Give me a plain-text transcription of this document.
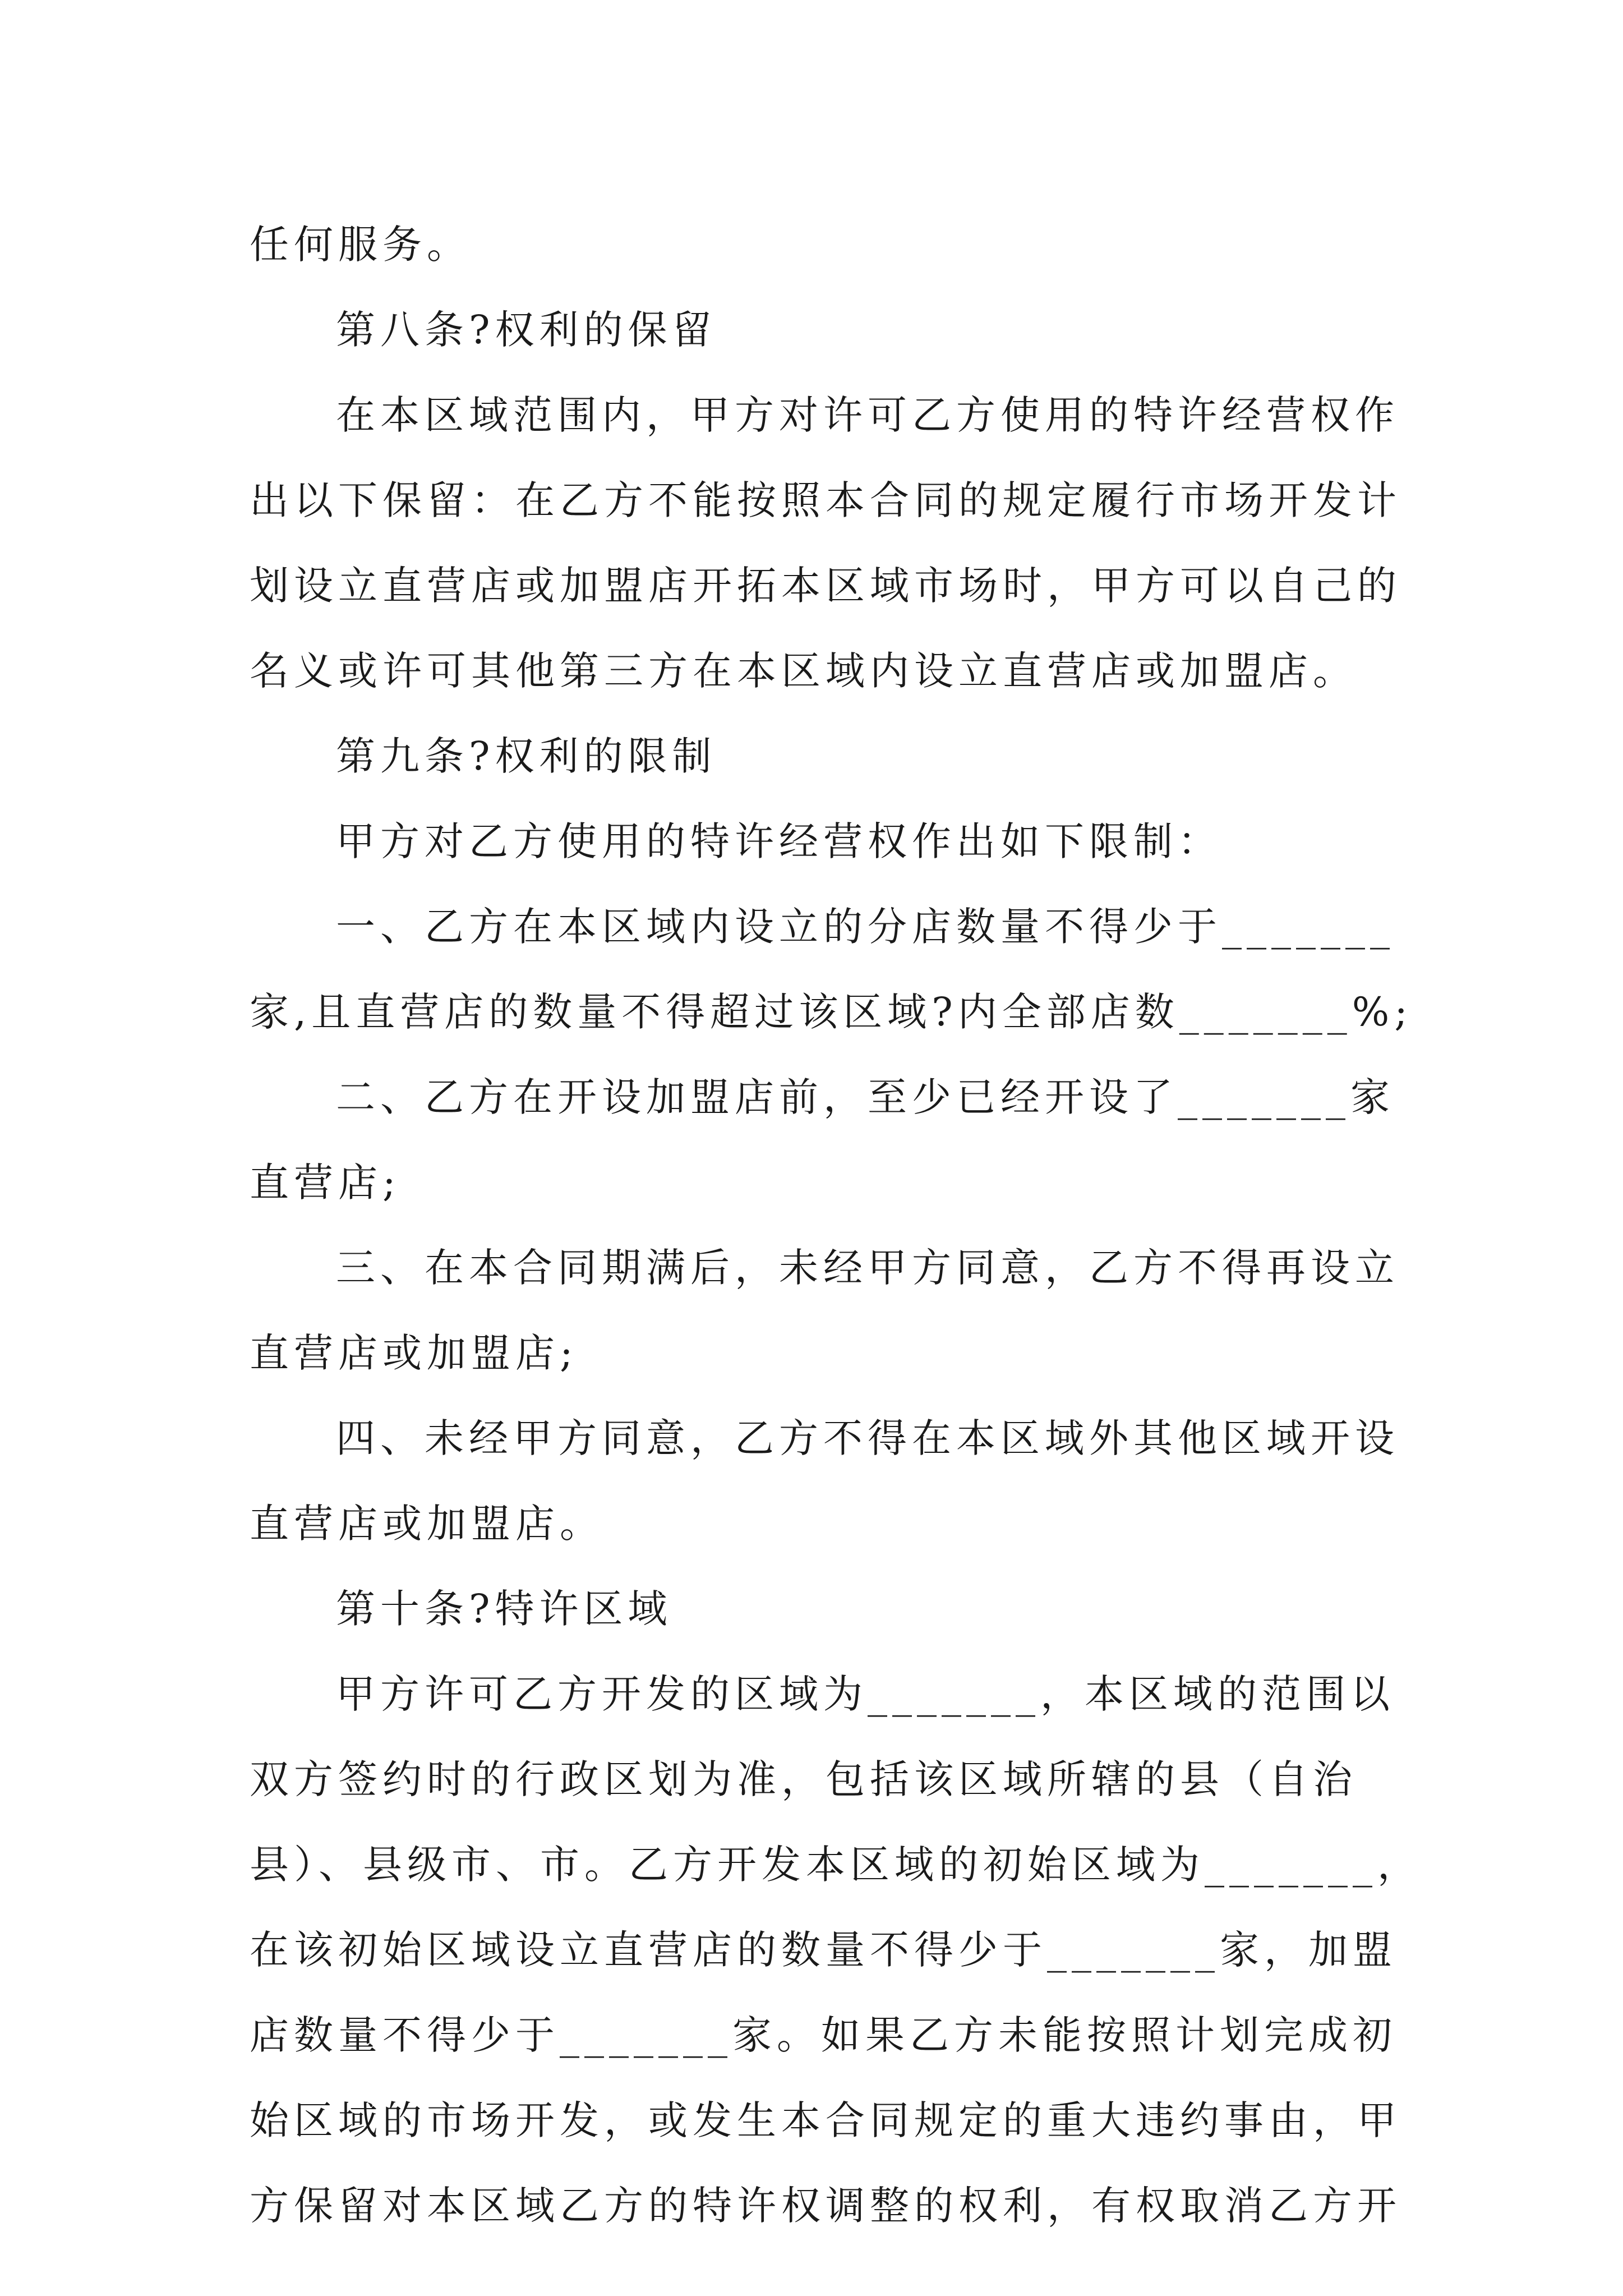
任何服务。

第八条?权利的保留

在本区域范围内，甲方对许可乙方使用的特许经营权作

出以下保留：在乙方不能按照本合同的规定履行市场开发计

划设立直营店或加盟店开拓本区域市场时，甲方可以自己的

名义或许可其他第三方在本区域内设立直营店或加盟店。

第九条?权利的限制

甲方对乙方使用的特许经营权作出如下限制：

一、乙方在本区域内设立的分店数量不得少于_______

家,且直营店的数量不得超过该区域?内全部店数_______%;

二、乙方在开设加盟店前，至少已经开设了_______家

直营店;

三、在本合同期满后，未经甲方同意，乙方不得再设立

直营店或加盟店;

四、未经甲方同意，乙方不得在本区域外其他区域开设

直营店或加盟店。

第十条?特许区域

甲方许可乙方开发的区域为_______，本区域的范围以

双方签约时的行政区划为准，包括该区域所辖的县（自治

县）、县级市、市。乙方开发本区域的初始区域为_______，

在该初始区域设立直营店的数量不得少于_______家，加盟

店数量不得少于_______家。如果乙方未能按照计划完成初

始区域的市场开发，或发生本合同规定的重大违约事由，甲

方保留对本区域乙方的特许权调整的权利，有权取消乙方开
